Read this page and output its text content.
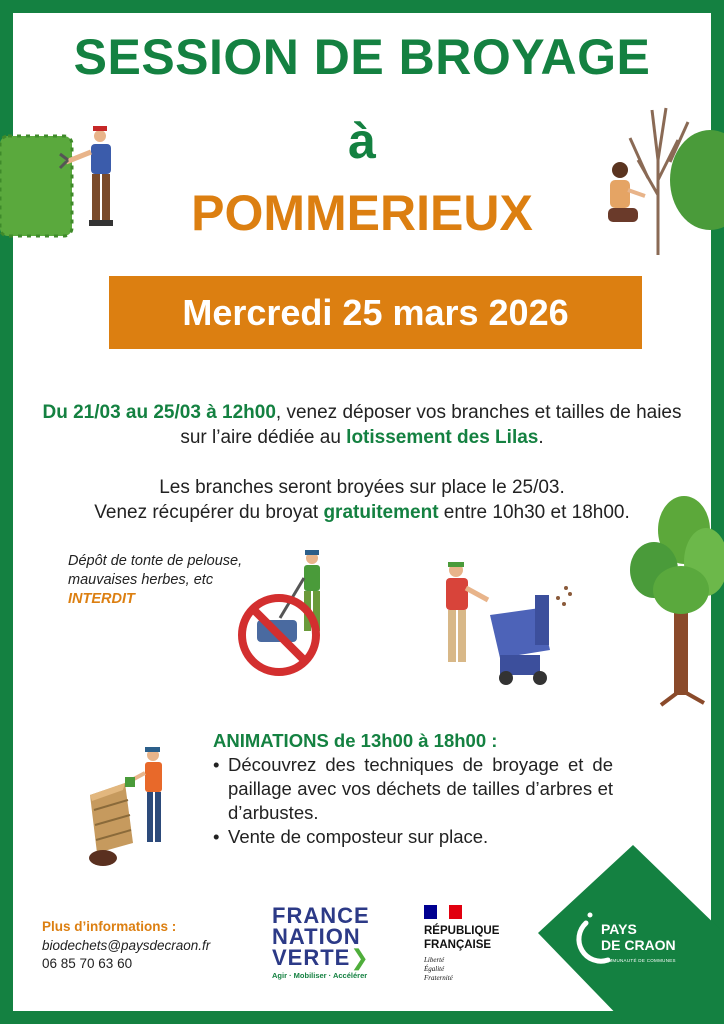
SESSION DE BROYAGE
à
POMMERIEUX
Mercredi 25 mars 2026
Du 21/03 au 25/03 à 12h00, venez déposer vos branches et tailles de haies sur l’aire dédiée au lotissement des Lilas.
Les branches seront broyées sur place le 25/03.
Venez récupérer du broyat gratuitement entre 10h30 et 18h00.
Dépôt de tonte de pelouse,
mauvaises herbes, etc
INTERDIT
ANIMATIONS de 13h00 à 18h00 :
• Découvrez des techniques de broyage et de paillage avec vos déchets de tailles d’arbres et d’arbustes.
• Vente de composteur sur place.
Plus d’informations :
biodechets@paysdecraon.fr
06 85 70 63 60
FRANCE
NATION
VERTE❯
Agir · Mobiliser · Accélérer
RÉPUBLIQUE
FRANÇAISE
Liberté
Égalité
Fraternité
PAYS
DE CRAON
COMMUNAUTÉ DE COMMUNES
